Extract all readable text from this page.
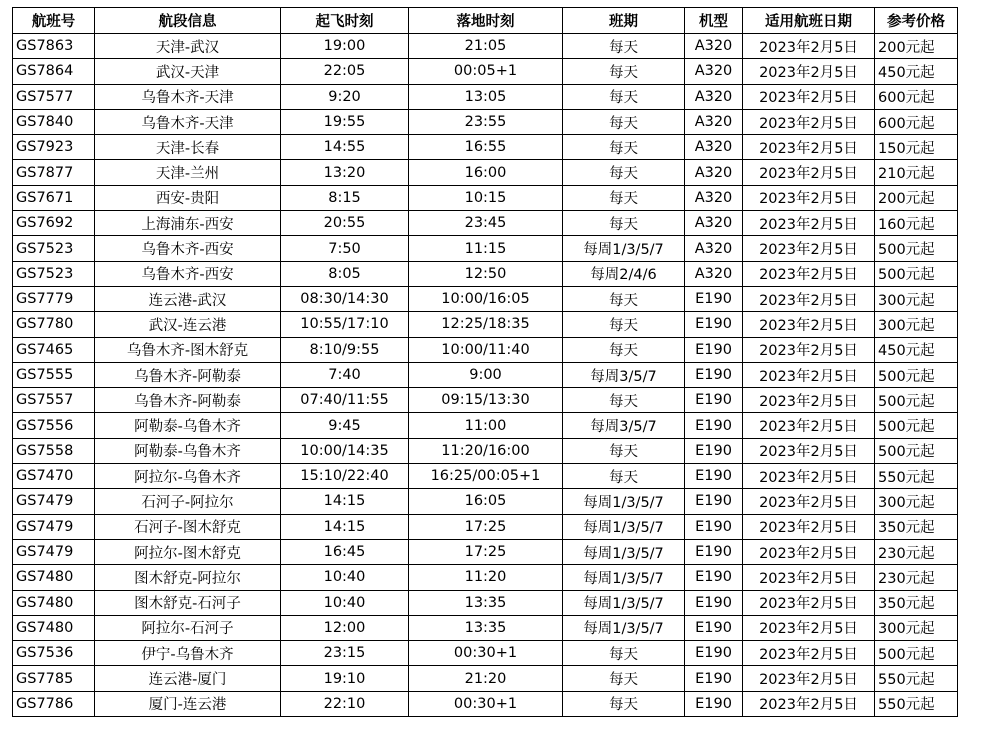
航班号	航段信息	起飞时刻	落地时刻	班期	机型	适用航班日期	参考价格
GS7863	天津-武汉	19:00	21:05	每天	A320	2023年2月5日	200元起
GS7864	武汉-天津	22:05	00:05+1	每天	A320	2023年2月5日	450元起
GS7577	乌鲁木齐-天津	9:20	13:05	每天	A320	2023年2月5日	600元起
GS7840	乌鲁木齐-天津	19:55	23:55	每天	A320	2023年2月5日	600元起
GS7923	天津-长春	14:55	16:55	每天	A320	2023年2月5日	150元起
GS7877	天津-兰州	13:20	16:00	每天	A320	2023年2月5日	210元起
GS7671	西安-贵阳	8:15	10:15	每天	A320	2023年2月5日	200元起
GS7692	上海浦东-西安	20:55	23:45	每天	A320	2023年2月5日	160元起
GS7523	乌鲁木齐-西安	7:50	11:15	每周1/3/5/7	A320	2023年2月5日	500元起
GS7523	乌鲁木齐-西安	8:05	12:50	每周2/4/6	A320	2023年2月5日	500元起
GS7779	连云港-武汉	08:30/14:30	10:00/16:05	每天	E190	2023年2月5日	300元起
GS7780	武汉-连云港	10:55/17:10	12:25/18:35	每天	E190	2023年2月5日	300元起
GS7465	乌鲁木齐-图木舒克	8:10/9:55	10:00/11:40	每天	E190	2023年2月5日	450元起
GS7555	乌鲁木齐-阿勒泰	7:40	9:00	每周3/5/7	E190	2023年2月5日	500元起
GS7557	乌鲁木齐-阿勒泰	07:40/11:55	09:15/13:30	每天	E190	2023年2月5日	500元起
GS7556	阿勒泰-乌鲁木齐	9:45	11:00	每周3/5/7	E190	2023年2月5日	500元起
GS7558	阿勒泰-乌鲁木齐	10:00/14:35	11:20/16:00	每天	E190	2023年2月5日	500元起
GS7470	阿拉尔-乌鲁木齐	15:10/22:40	16:25/00:05+1	每天	E190	2023年2月5日	550元起
GS7479	石河子-阿拉尔	14:15	16:05	每周1/3/5/7	E190	2023年2月5日	300元起
GS7479	石河子-图木舒克	14:15	17:25	每周1/3/5/7	E190	2023年2月5日	350元起
GS7479	阿拉尔-图木舒克	16:45	17:25	每周1/3/5/7	E190	2023年2月5日	230元起
GS7480	图木舒克-阿拉尔	10:40	11:20	每周1/3/5/7	E190	2023年2月5日	230元起
GS7480	图木舒克-石河子	10:40	13:35	每周1/3/5/7	E190	2023年2月5日	350元起
GS7480	阿拉尔-石河子	12:00	13:35	每周1/3/5/7	E190	2023年2月5日	300元起
GS7536	伊宁-乌鲁木齐	23:15	00:30+1	每天	E190	2023年2月5日	500元起
GS7785	连云港-厦门	19:10	21:20	每天	E190	2023年2月5日	550元起
GS7786	厦门-连云港	22:10	00:30+1	每天	E190	2023年2月5日	550元起
